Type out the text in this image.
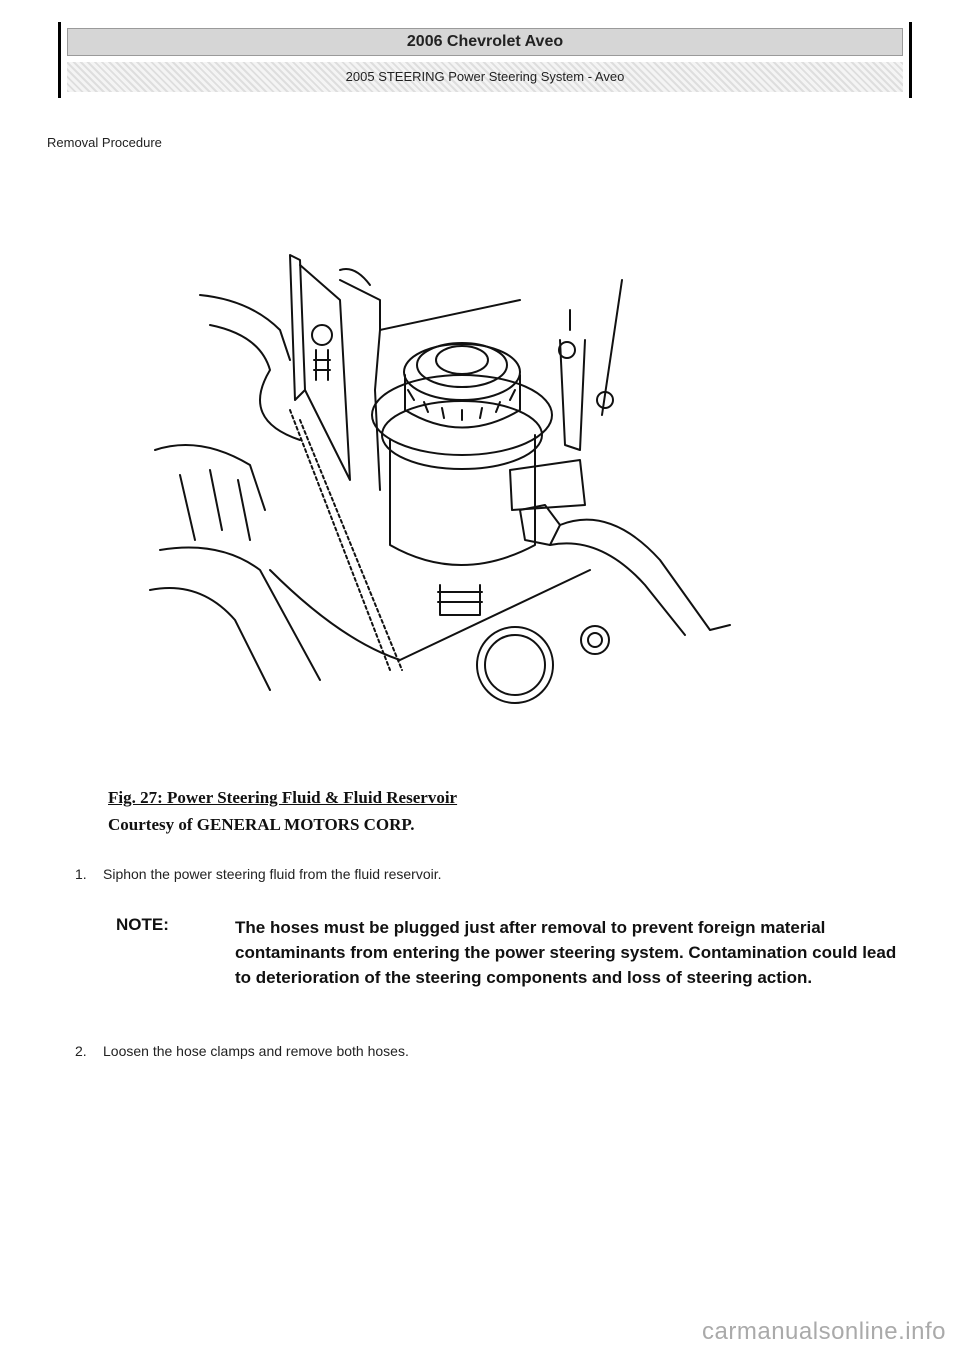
2006 Chevrolet Aveo
2005 STEERING Power Steering System - Aveo
Removal Procedure
Fig. 27: Power Steering Fluid & Fluid Reservoir
Courtesy of GENERAL MOTORS CORP.
1. Siphon the power steering fluid from the fluid reservoir.
NOTE:	The hoses must be plugged just after removal to prevent foreign material contaminants from entering the power steering system. Contamination could lead to deterioration of the steering components and loss of steering action.
2. Loosen the hose clamps and remove both hoses.
carmanualsonline.info
